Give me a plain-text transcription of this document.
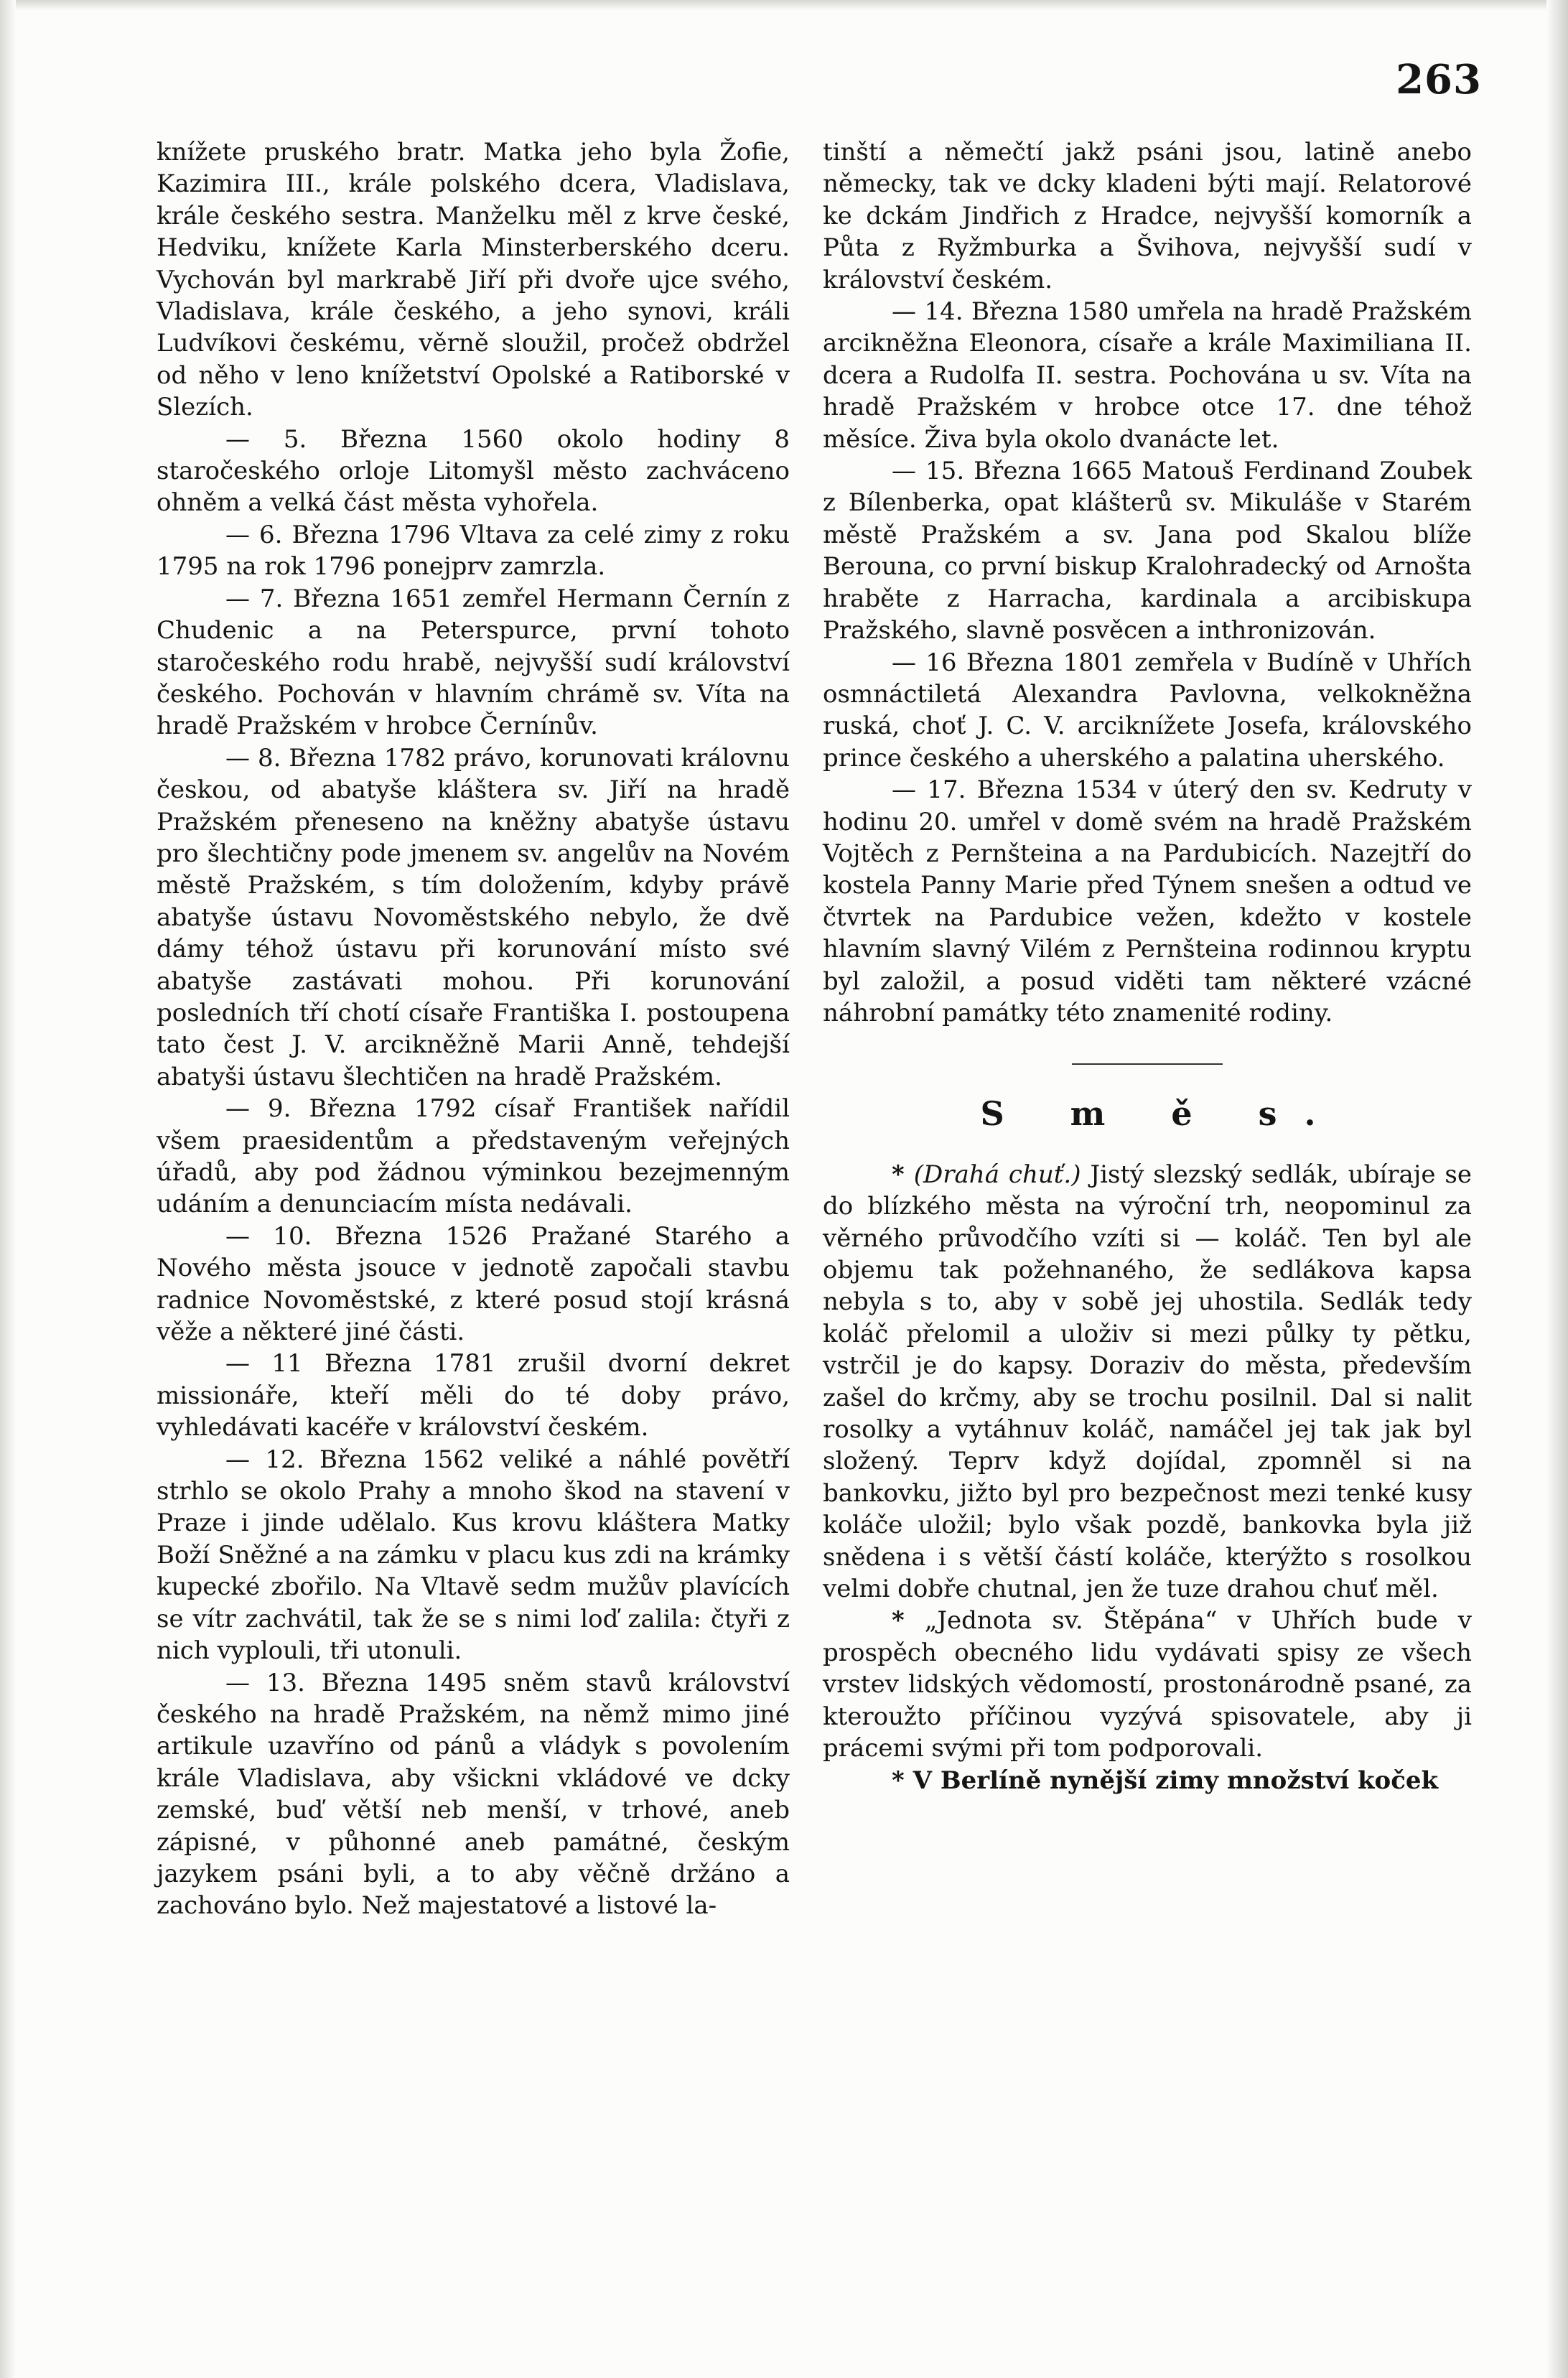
263

knížete pruského bratr. Matka jeho byla Žofie, Kazimira III., krále polského dcera, Vladislava, krále českého sestra. Manželku měl z krve české, Hedviku, knížete Karla Minsterberského dceru. Vychován byl markrabě Jiří při dvoře ujce svého, Vladislava, krále českého, a jeho synovi, králi Ludvíkovi českému, věrně sloužil, pročež obdržel od něho v leno knížetství Opolské a Ratiborské v Slezích.

— 5. Března 1560 okolo hodiny 8 staročeského orloje Litomyšl město zachváceno ohněm a velká část města vyhořela.

— 6. Března 1796 Vltava za celé zimy z roku 1795 na rok 1796 ponejprv zamrzla.

— 7. Března 1651 zemřel Hermann Černín z Chudenic a na Peterspurce, první tohoto staročeského rodu hrabě, nejvyšší sudí království českého. Pochován v hlavním chrámě sv. Víta na hradě Pražském v hrobce Černínův.

— 8. Března 1782 právo, korunovati královnu českou, od abatyše kláštera sv. Jiří na hradě Pražském přeneseno na kněžny abatyše ústavu pro šlechtičny pode jmenem sv. angelův na Novém městě Pražském, s tím doložením, kdyby právě abatyše ústavu Novoměstského nebylo, že dvě dámy téhož ústavu při korunování místo své abatyše zastávati mohou. Při korunování posledních tří chotí císaře Františka I. postoupena tato čest J. V. arcikněžně Marii Anně, tehdejší abatyši ústavu šlechtičen na hradě Pražském.

— 9. Března 1792 císař František nařídil všem praesidentům a představeným veřejných úřadů, aby pod žádnou výminkou bezejmenným udáním a denunciacím místa nedávali.

— 10. Března 1526 Pražané Starého a Nového města jsouce v jednotě započali stavbu radnice Novoměstské, z které posud stojí krásná věže a některé jiné části.

— 11 Března 1781 zrušil dvorní dekret missionáře, kteří měli do té doby právo, vyhledávati kacéře v království českém.

— 12. Března 1562 veliké a náhlé povětří strhlo se okolo Prahy a mnoho škod na stavení v Praze i jinde udělalo. Kus krovu kláštera Matky Boží Sněžné a na zámku v placu kus zdi na krámky kupecké zbořilo. Na Vltavě sedm mužův plavících se vítr zachvátil, tak že se s nimi loď zalila: čtyři z nich vyplouli, tři utonuli.

— 13. Března 1495 sněm stavů království českého na hradě Pražském, na němž mimo jiné artikule uzavříno od pánů a vládyk s povolením krále Vladislava, aby všickni vkládové ve dcky zemské, buď větší neb menší, v trhové, aneb zápisné, v půhonné aneb památné, českým jazykem psáni byli, a to aby věčně držáno a zachováno bylo. Než majestatové a listové la-

tinští a němečtí jakž psáni jsou, latině anebo německy, tak ve dcky kladeni býti mají. Relatorové ke dckám Jindřich z Hradce, nejvyšší komorník a Půta z Ryžmburka a Švihova, nejvyšší sudí v království českém.

— 14. Března 1580 umřela na hradě Pražském arcikněžna Eleonora, císaře a krále Maximiliana II. dcera a Rudolfa II. sestra. Pochována u sv. Víta na hradě Pražském v hrobce otce 17. dne téhož měsíce. Živa byla okolo dvanácte let.

— 15. Března 1665 Matouš Ferdinand Zoubek z Bílenberka, opat klášterů sv. Mikuláše v Starém městě Pražském a sv. Jana pod Skalou blíže Berouna, co první biskup Kralohradecký od Arnošta hraběte z Harracha, kardinala a arcibiskupa Pražského, slavně posvěcen a inthronizován.

— 16 Března 1801 zemřela v Budíně v Uhřích osmnáctiletá Alexandra Pavlovna, velkokněžna ruská, choť J. C. V. arciknížete Josefa, královského prince českého a uherského a palatina uherského.

— 17. Března 1534 v úterý den sv. Kedruty v hodinu 20. umřel v domě svém na hradě Pražském Vojtěch z Pernšteina a na Pardubicích. Nazejtří do kostela Panny Marie před Týnem snešen a odtud ve čtvrtek na Pardubice vežen, kdežto v kostele hlavním slavný Vilém z Pernšteina rodinnou kryptu byl založil, a posud viděti tam některé vzácné náhrobní památky této znamenité rodiny.

S m ě s.

* (Drahá chuť.) Jistý slezský sedlák, ubíraje se do blízkého města na výroční trh, neopominul za věrného průvodčího vzíti si — koláč. Ten byl ale objemu tak požehnaného, že sedlákova kapsa nebyla s to, aby v sobě jej uhostila. Sedlák tedy koláč přelomil a uloživ si mezi půlky ty pětku, vstrčil je do kapsy. Doraziv do města, především zašel do krčmy, aby se trochu posilnil. Dal si nalit rosolky a vytáhnuv koláč, namáčel jej tak jak byl složený. Teprv když dojídal, zpomněl si na bankovku, jižto byl pro bezpečnost mezi tenké kusy koláče uložil; bylo však pozdě, bankovka byla již snědena i s větší částí koláče, kterýžto s rosolkou velmi dobře chutnal, jen že tuze drahou chuť měl.

* „Jednota sv. Štěpána“ v Uhřích bude v prospěch obecného lidu vydávati spisy ze všech vrstev lidských vědomostí, prostonárodně psané, za kteroužto příčinou vyzývá spisovatele, aby ji prácemi svými při tom podporovali.

* V Berlíně nynější zimy množství koček
